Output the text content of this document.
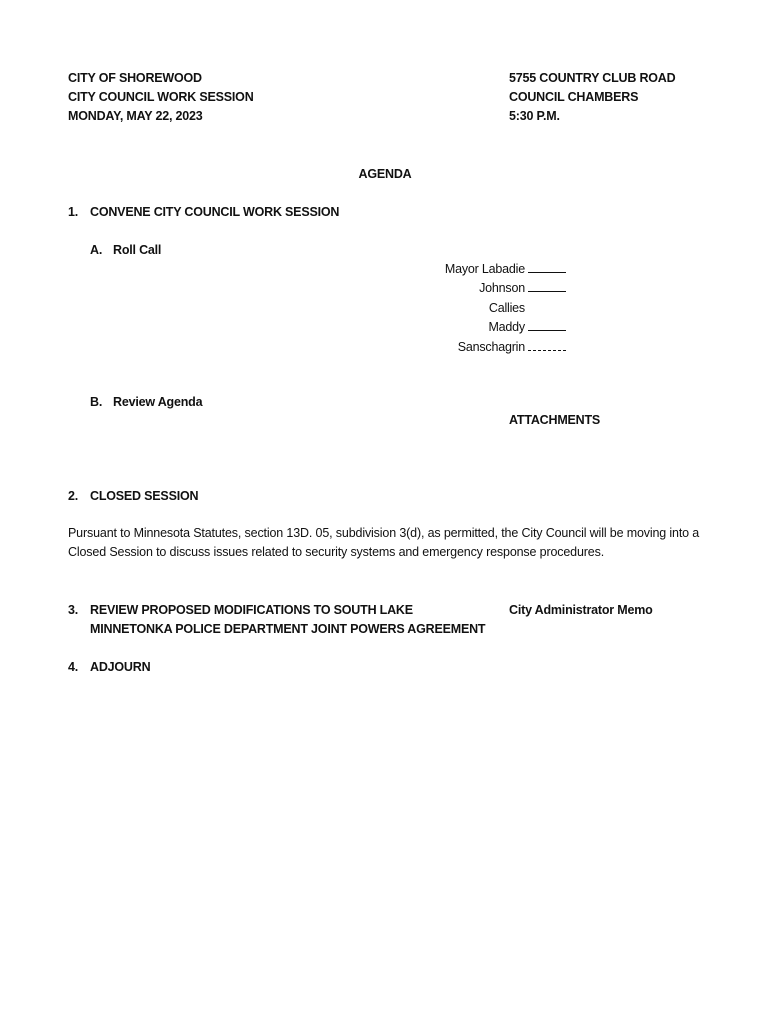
CITY OF SHOREWOOD
CITY COUNCIL WORK SESSION
MONDAY, MAY 22, 2023
5755 COUNTRY CLUB ROAD
COUNCIL CHAMBERS
5:30 P.M.
AGENDA
1. CONVENE CITY COUNCIL WORK SESSION
A. Roll Call
Mayor Labadie
Johnson
Callies
Maddy
Sanschagrin
B. Review Agenda
ATTACHMENTS
2. CLOSED SESSION
Pursuant to Minnesota Statutes, section 13D. 05, subdivision 3(d), as permitted, the City Council will be moving into a Closed Session to discuss issues related to security systems and emergency response procedures.
3. REVIEW PROPOSED MODIFICATIONS TO SOUTH LAKE
MINNETONKA POLICE DEPARTMENT JOINT POWERS AGREEMENT
City Administrator Memo
4. ADJOURN
